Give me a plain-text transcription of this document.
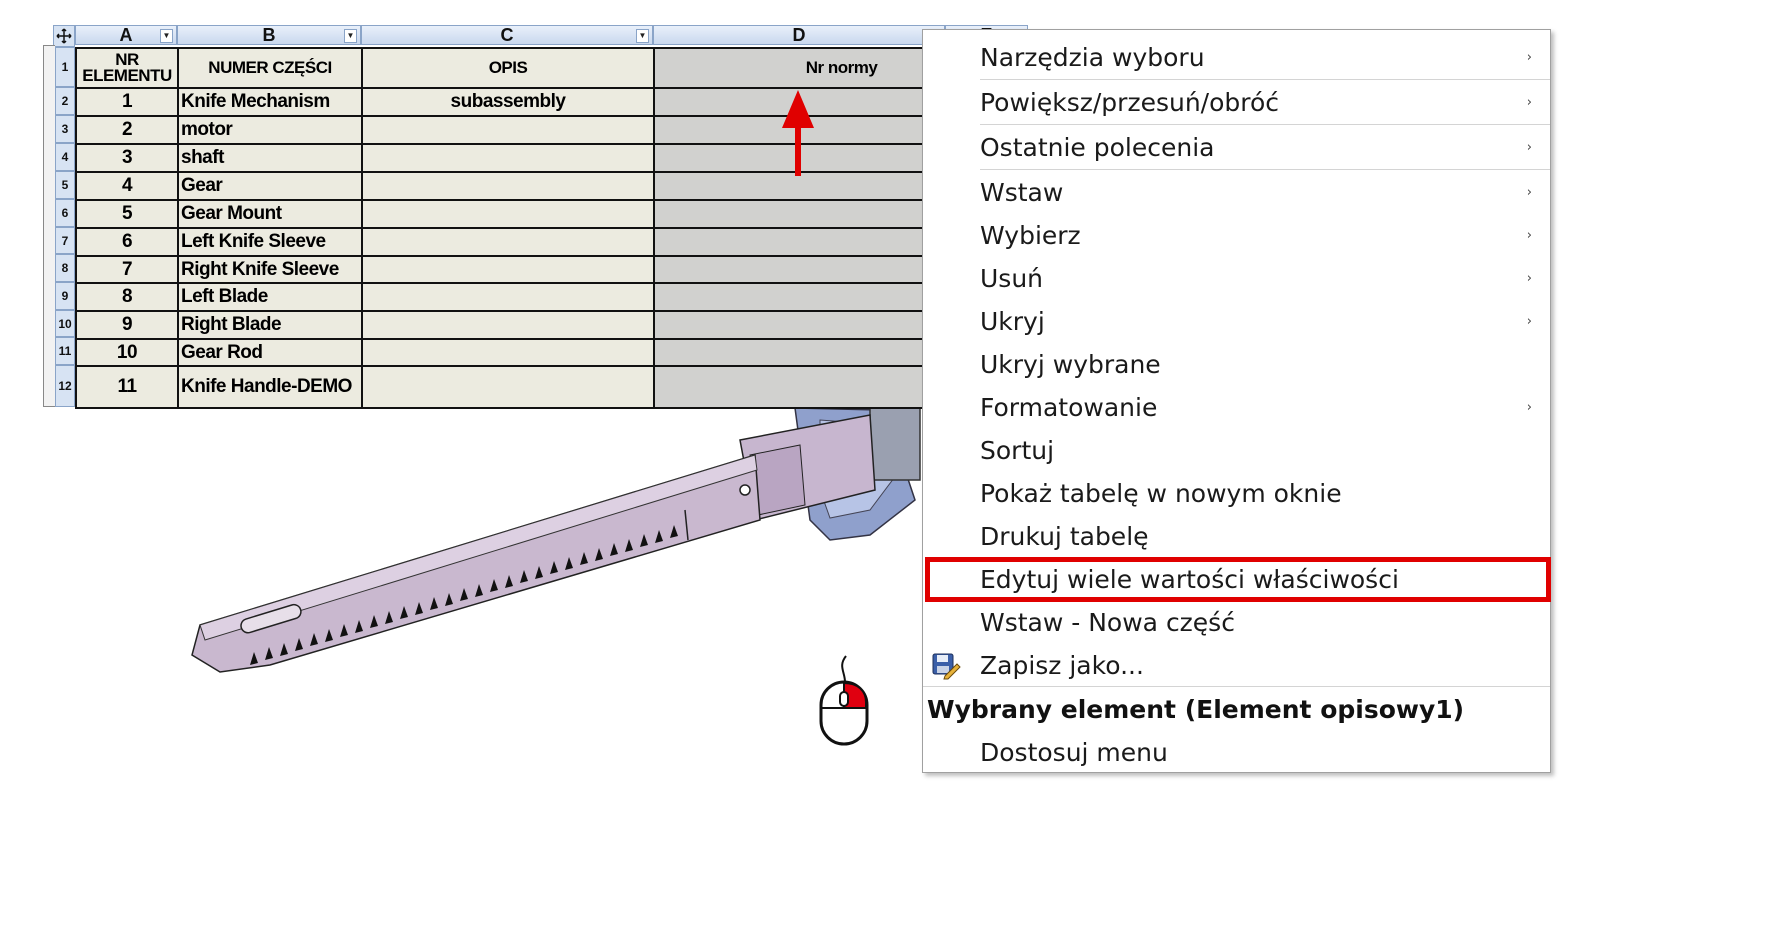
A	▼	B	▼	C	▼	D
1
2
3
4
5
6
7
8
9
10
11
12
NR ELEMENTU	NUMER CZĘŚCI	OPIS	Nr normy
1	Knife Mechanism	subassembly	
2	motor		
3	shaft		
4	Gear		
5	Gear Mount		
6	Left Knife Sleeve		
7	Right Knife Sleeve		
8	Left Blade		
9	Right Blade		
10	Gear Rod		
11	Knife Handle-DEMO		
Narzędzia wyboru	›
Powiększ/przesuń/obróć	›
Ostatnie polecenia	›
Wstaw	›
Wybierz	›
Usuń	›
Ukryj	›
Ukryj wybrane
Formatowanie	›
Sortuj
Pokaż tabelę w nowym oknie
Drukuj tabelę
Edytuj wiele wartości właściwości
Wstaw - Nowa część
Zapisz jako...
Wybrany element (Element opisowy1)
Dostosuj menu
